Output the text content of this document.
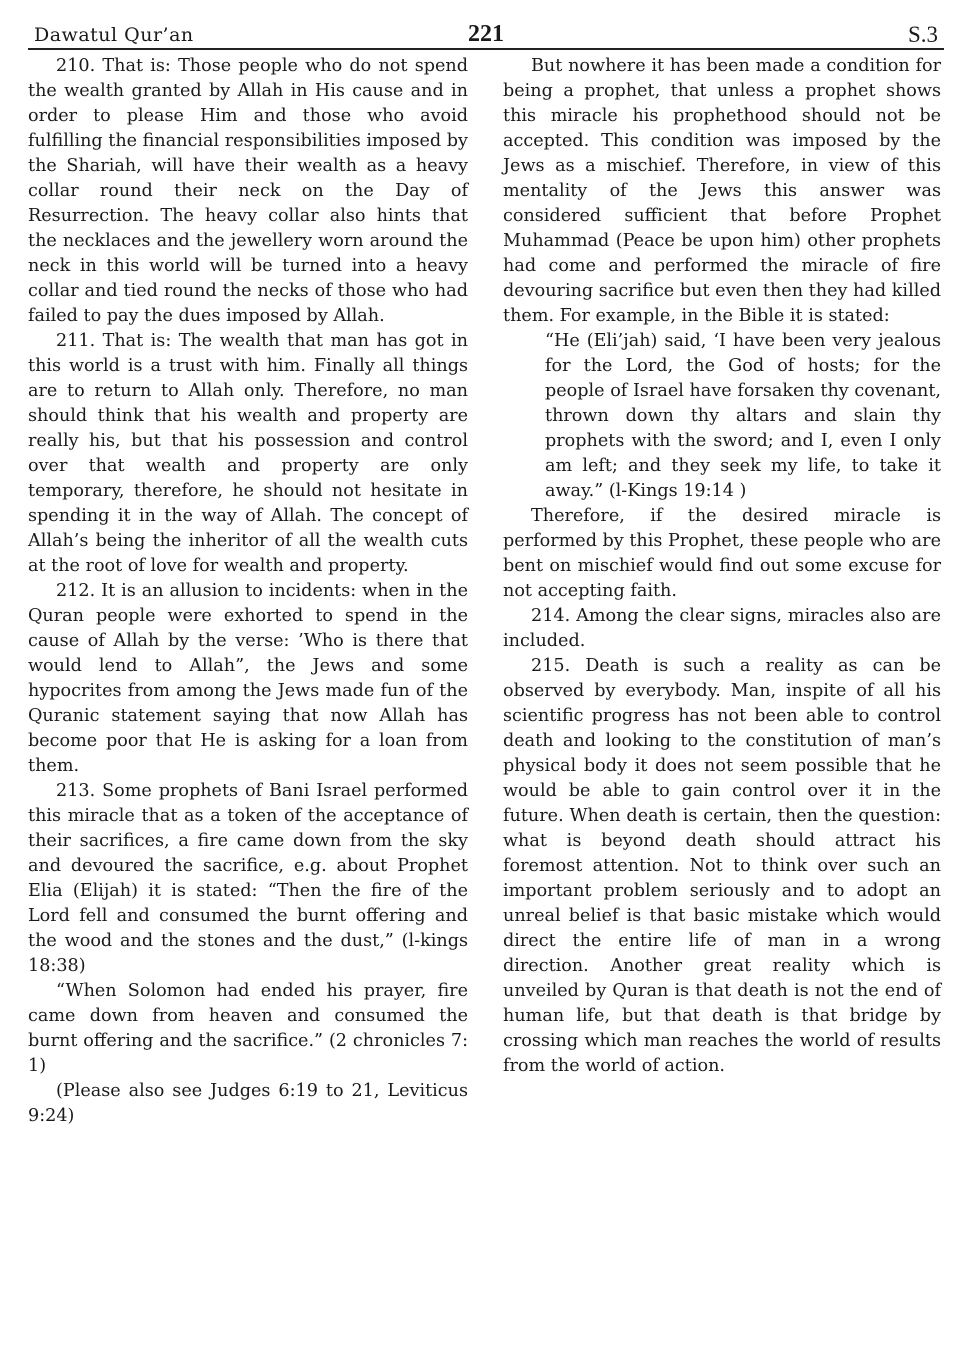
Dawatul Qur’an	221	S.3

210. That is: Those people who do not spend the wealth granted by Allah in His cause and in order to please Him and those who avoid fulfilling the financial responsibilities imposed by the Shariah, will have their wealth as a heavy collar round their neck on the Day of Resurrection. The heavy collar also hints that the necklaces and the jewellery worn around the neck in this world will be turned into a heavy collar and tied round the necks of those who had failed to pay the dues imposed by Allah.

211. That is: The wealth that man has got in this world is a trust with him. Finally all things are to return to Allah only. Therefore, no man should think that his wealth and property are really his, but that his possession and control over that wealth and property are only temporary, therefore, he should not hesitate in spending it in the way of Allah. The concept of Allah’s being the inheritor of all the wealth cuts at the root of love for wealth and property.

212. It is an allusion to incidents: when in the Quran people were exhorted to spend in the cause of Allah by the verse: ’Who is there that would lend to Allah”, the Jews and some hypocrites from among the Jews made fun of the Quranic statement saying that now Allah has become poor that He is asking for a loan from them.

213. Some prophets of Bani Israel performed this miracle that as a token of the acceptance of their sacrifices, a fire came down from the sky and devoured the sacrifice, e.g. about Prophet Elia (Elijah) it is stated: “Then the fire of the Lord fell and consumed the burnt offering and the wood and the stones and the dust,” (l-kings 18:38)

“When Solomon had ended his prayer, fire came down from heaven and consumed the burnt offering and the sacrifice.” (2 chronicles 7: 1)

(Please also see Judges 6:19 to 21, Leviticus 9:24)

But nowhere it has been made a condition for being a prophet, that unless a prophet shows this miracle his prophethood should not be accepted. This condition was imposed by the Jews as a mischief. Therefore, in view of this mentality of the Jews this answer was considered sufficient that before Prophet Muhammad (Peace be upon him) other prophets had come and performed the miracle of fire devouring sacrifice but even then they had killed them. For example, in the Bible it is stated:

“He (Eli’jah) said, ‘I have been very jealous for the Lord, the God of hosts; for the people of Israel have forsaken thy covenant, thrown down thy altars and slain thy prophets with the sword; and I, even I only am left; and they seek my life, to take it away.” (l-Kings 19:14 )

Therefore, if the desired miracle is performed by this Prophet, these people who are bent on mischief would find out some excuse for not accepting faith.

214. Among the clear signs, miracles also are included.

215. Death is such a reality as can be observed by everybody. Man, inspite of all his scientific progress has not been able to control death and looking to the constitution of man’s physical body it does not seem possible that he would be able to gain control over it in the future. When death is certain, then the question: what is beyond death should attract his foremost attention. Not to think over such an important problem seriously and to adopt an unreal belief is that basic mistake which would direct the entire life of man in a wrong direction. Another great reality which is unveiled by Quran is that death is not the end of human life, but that death is that bridge by crossing which man reaches the world of results from the world of action.
